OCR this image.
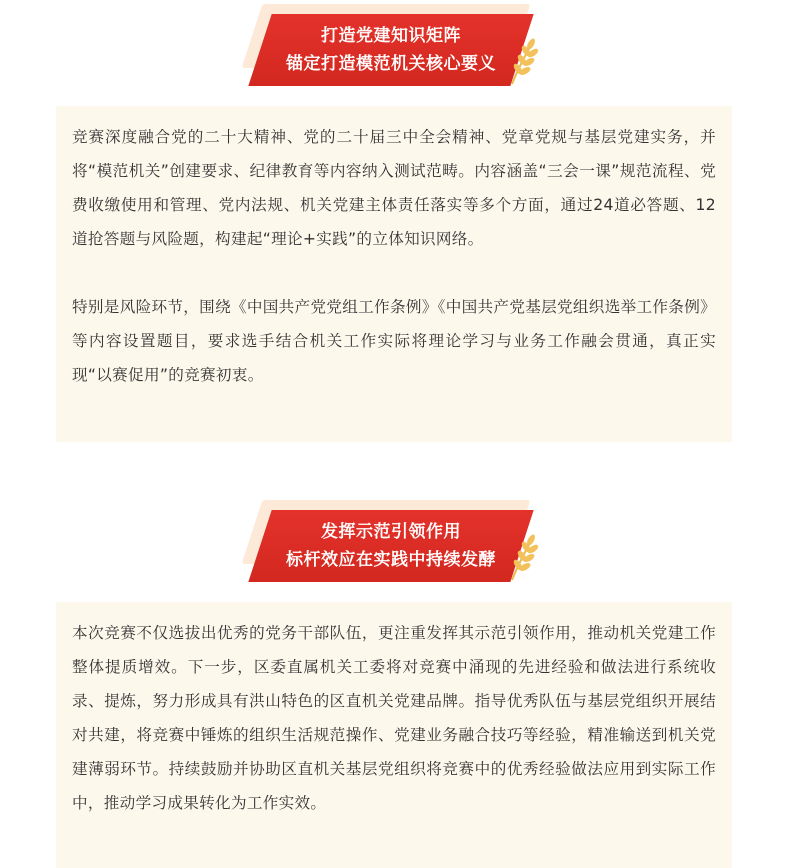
打造党建知识矩阵
锚定打造模范机关核心要义

竞赛深度融合党的二十大精神、党的二十届三中全会精神、党章党规与基层党建实务，并将“模范机关”创建要求、纪律教育等内容纳入测试范畴。内容涵盖“三会一课”规范流程、党费收缴使用和管理、党内法规、机关党建主体责任落实等多个方面，通过24道必答题、12道抢答题与风险题，构建起“理论+实践”的立体知识网络。

特别是风险环节，围绕《中国共产党党组工作条例》《中国共产党基层党组织选举工作条例》等内容设置题目，要求选手结合机关工作实际将理论学习与业务工作融会贯通，真正实现“以赛促用”的竞赛初衷。

发挥示范引领作用
标杆效应在实践中持续发酵

本次竞赛不仅选拔出优秀的党务干部队伍，更注重发挥其示范引领作用，推动机关党建工作整体提质增效。下一步，区委直属机关工委将对竞赛中涌现的先进经验和做法进行系统收录、提炼，努力形成具有洪山特色的区直机关党建品牌。指导优秀队伍与基层党组织开展结对共建，将竞赛中锤炼的组织生活规范操作、党建业务融合技巧等经验，精准输送到机关党建薄弱环节。持续鼓励并协助区直机关基层党组织将竞赛中的优秀经验做法应用到实际工作中，推动学习成果转化为工作实效。
